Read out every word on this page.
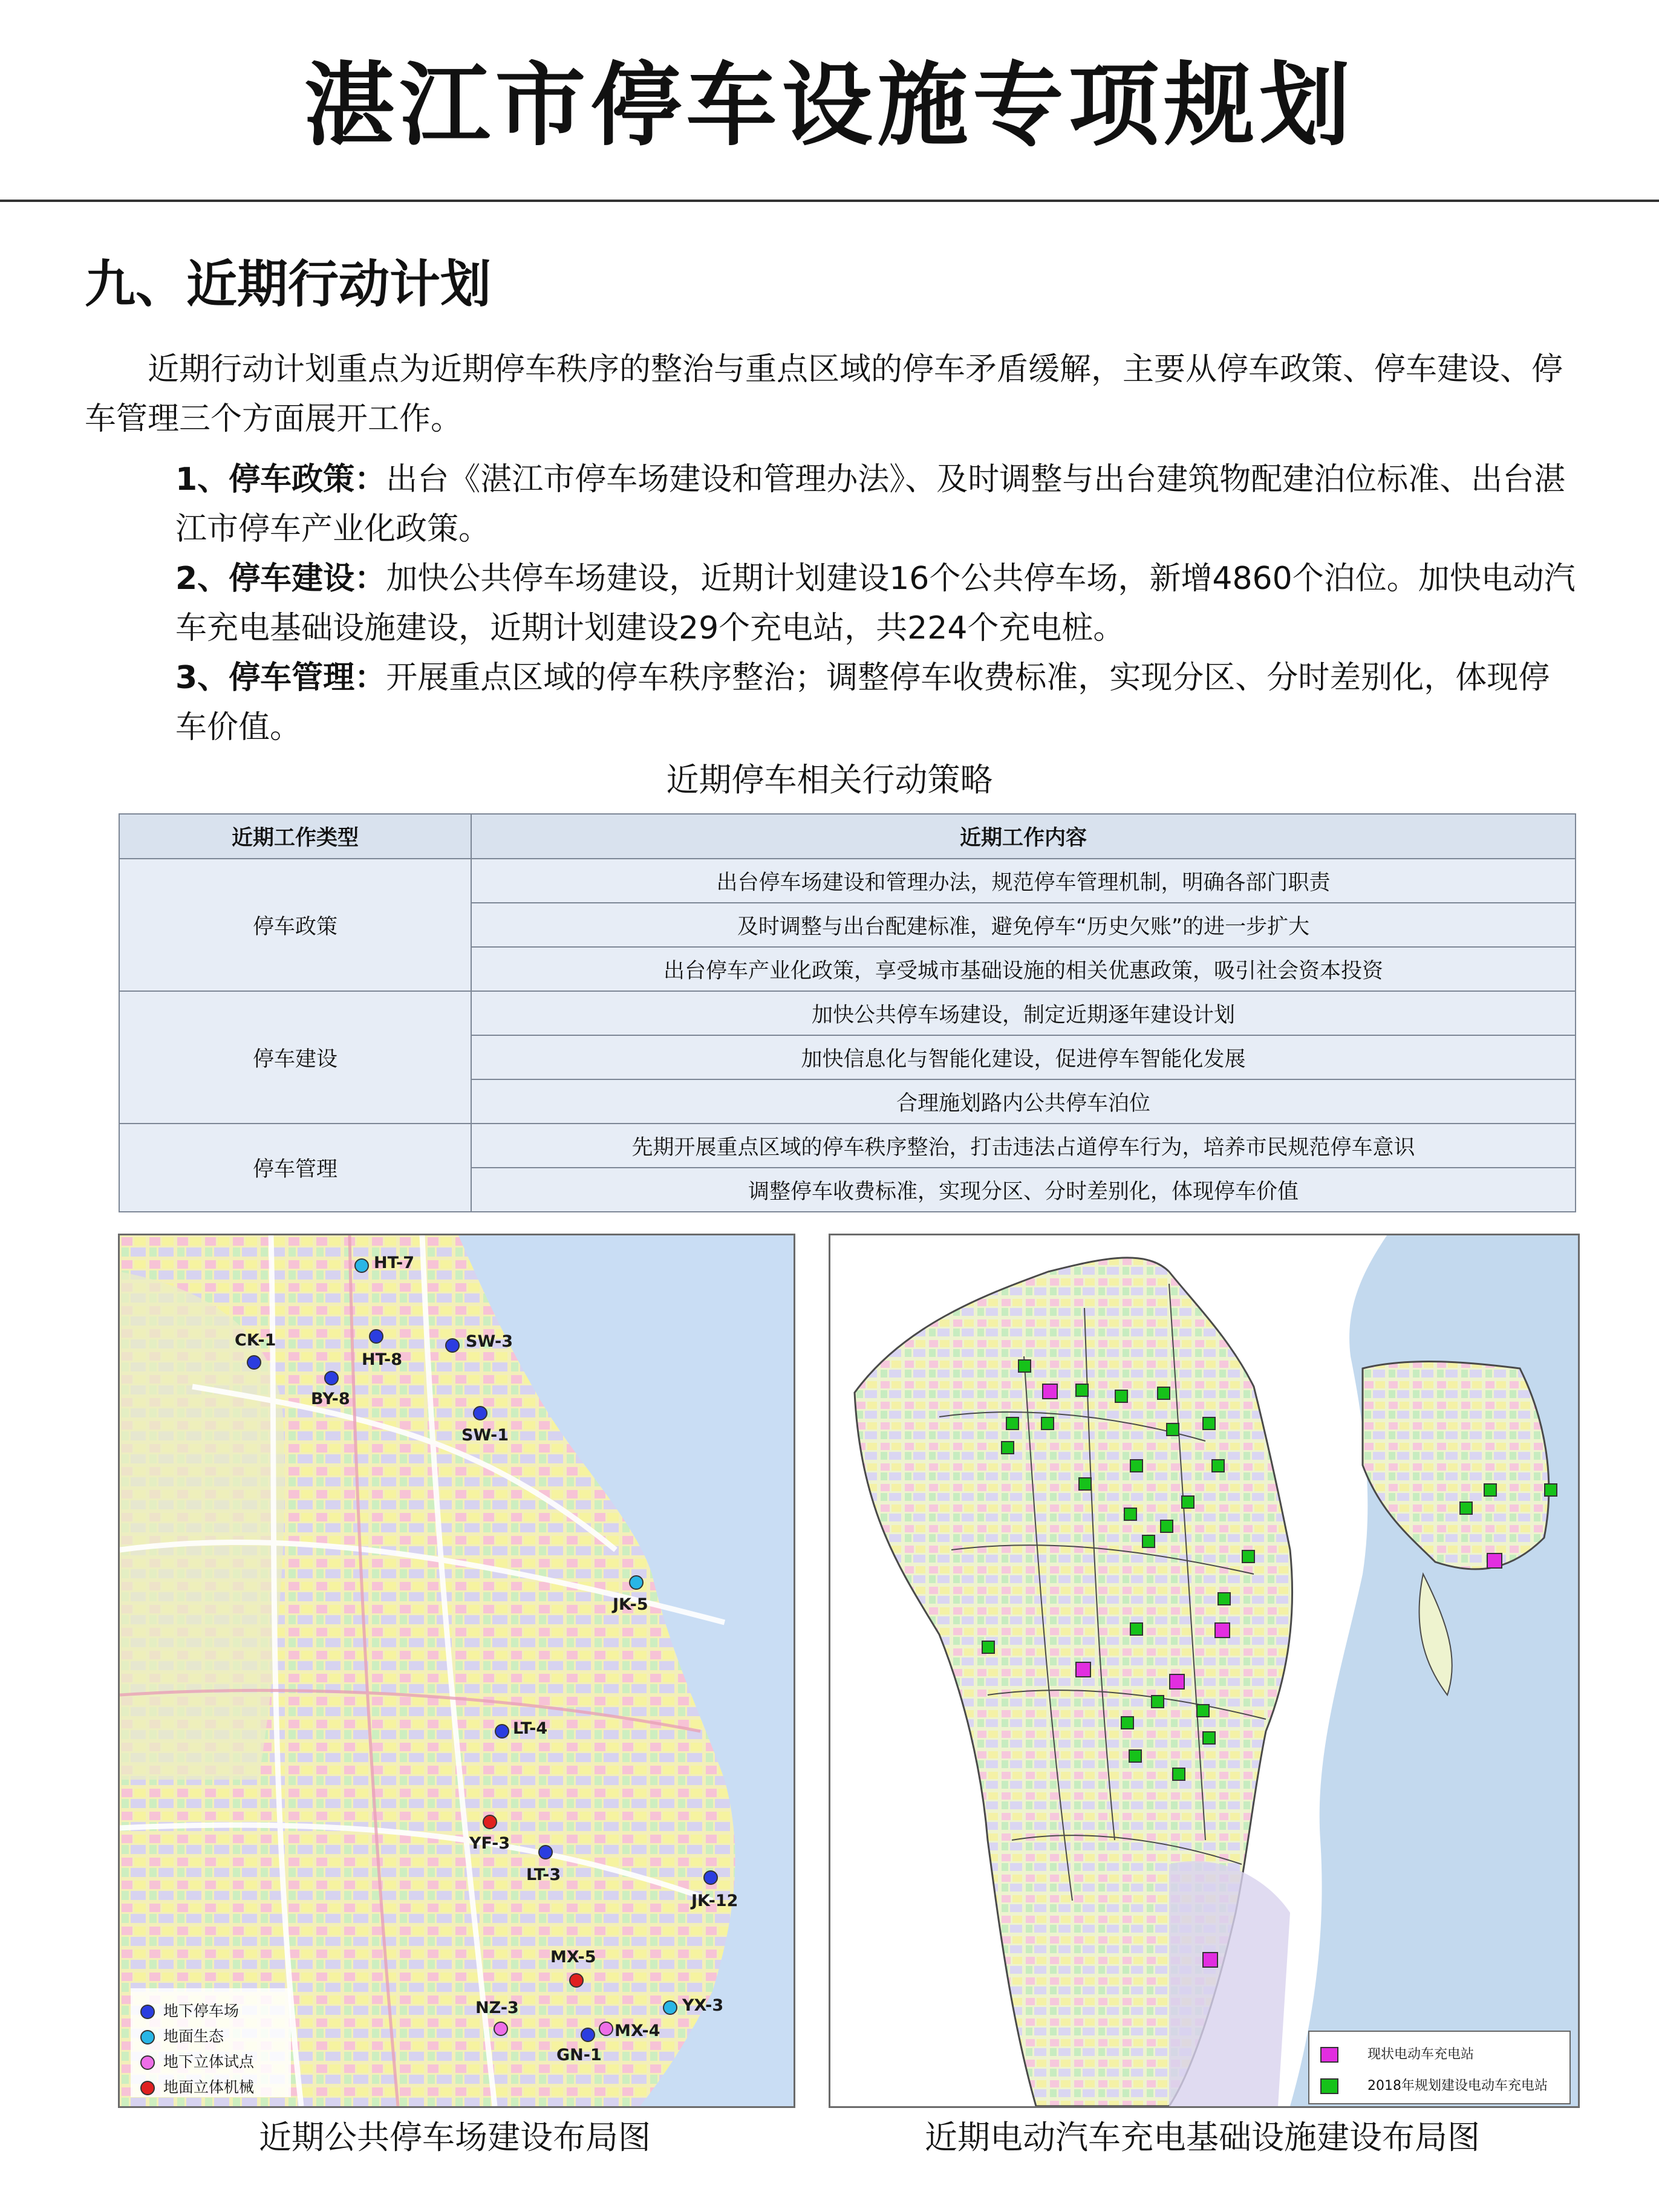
湛江市停车设施专项规划
九、近期行动计划
近期行动计划重点为近期停车秩序的整治与重点区域的停车矛盾缓解，主要从停车政策、停车建设、停车管理三个方面展开工作。
1、停车政策：出台《湛江市停车场建设和管理办法》、及时调整与出台建筑物配建泊位标准、出台湛江市停车产业化政策。
2、停车建设：加快公共停车场建设，近期计划建设16个公共停车场，新增4860个泊位。加快电动汽车充电基础设施建设，近期计划建设29个充电站，共224个充电桩。
3、停车管理：开展重点区域的停车秩序整治；调整停车收费标准，实现分区、分时差别化，体现停车价值。
近期停车相关行动策略
近期工作类型	近期工作内容
停车政策	出台停车场建设和管理办法，规范停车管理机制，明确各部门职责
	及时调整与出台配建标准，避免停车“历史欠账”的进一步扩大
	出台停车产业化政策，享受城市基础设施的相关优惠政策，吸引社会资本投资
停车建设	加快公共停车场建设，制定近期逐年建设计划
	加快信息化与智能化建设，促进停车智能化发展
	合理施划路内公共停车泊位
停车管理	先期开展重点区域的停车秩序整治，打击违法占道停车行为，培养市民规范停车意识
	调整停车收费标准，实现分区、分时差别化，体现停车价值
HT-7
CK-1
HT-8
SW-3
BY-8
SW-1
JK-5
LT-4
YF-3
LT-3
JK-12
MX-5
NZ-3	YX-3
MX-4
GN-1
地下停车场
地面生态
地下立体试点
地面立体机械
近期公共停车场建设布局图
现状电动车充电站
2018年规划建设电动车充电站
近期电动汽车充电基础设施建设布局图
